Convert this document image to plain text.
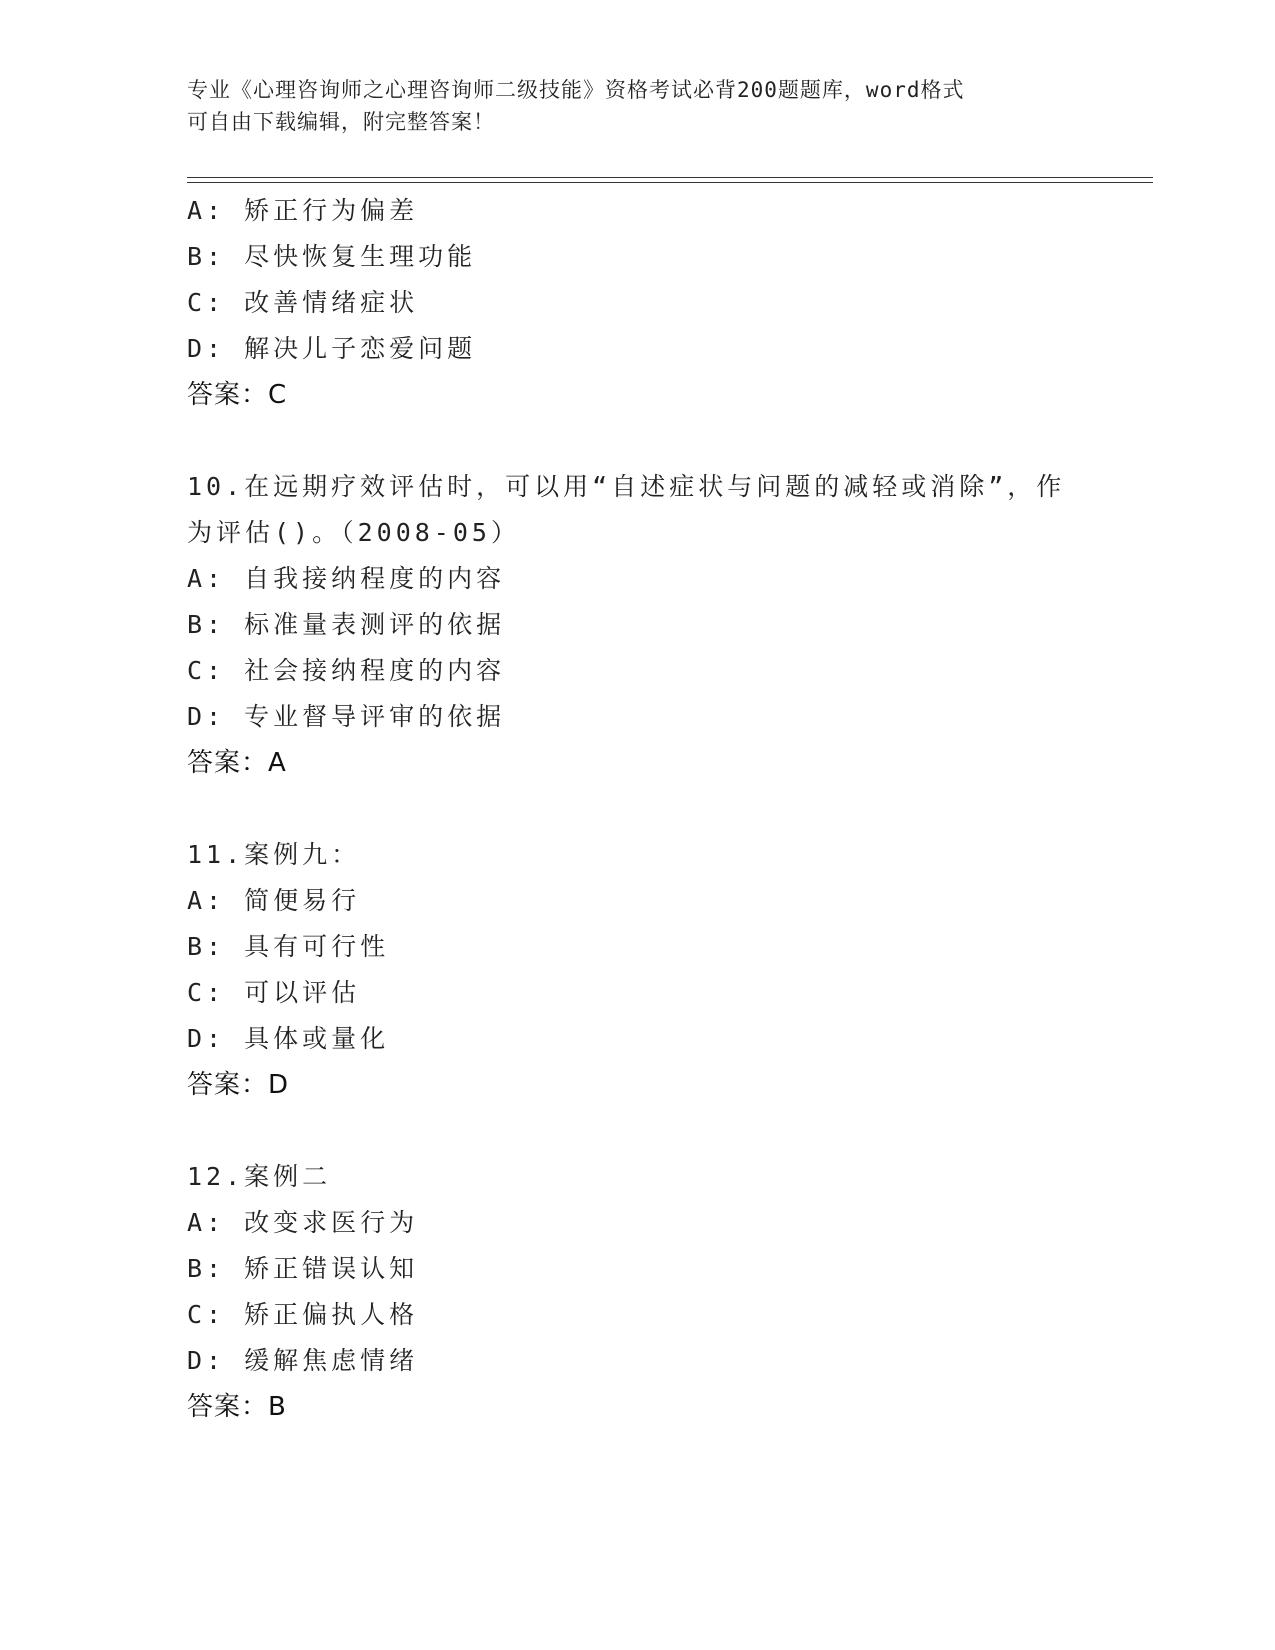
专业《心理咨询师之心理咨询师二级技能》资格考试必背200题题库，word格式
可自由下载编辑，附完整答案！
A: 矫正行为偏差
B: 尽快恢复生理功能
C: 改善情绪症状
D: 解决儿子恋爱问题
答案：C
10.在远期疗效评估时，可以用“自述症状与问题的减轻或消除”，作
为评估()。（2008-05）
A: 自我接纳程度的内容
B: 标准量表测评的依据
C: 社会接纳程度的内容
D: 专业督导评审的依据
答案：A
11.案例九：
A: 简便易行
B: 具有可行性
C: 可以评估
D: 具体或量化
答案：D
12.案例二
A: 改变求医行为
B: 矫正错误认知
C: 矫正偏执人格
D: 缓解焦虑情绪
答案：B
